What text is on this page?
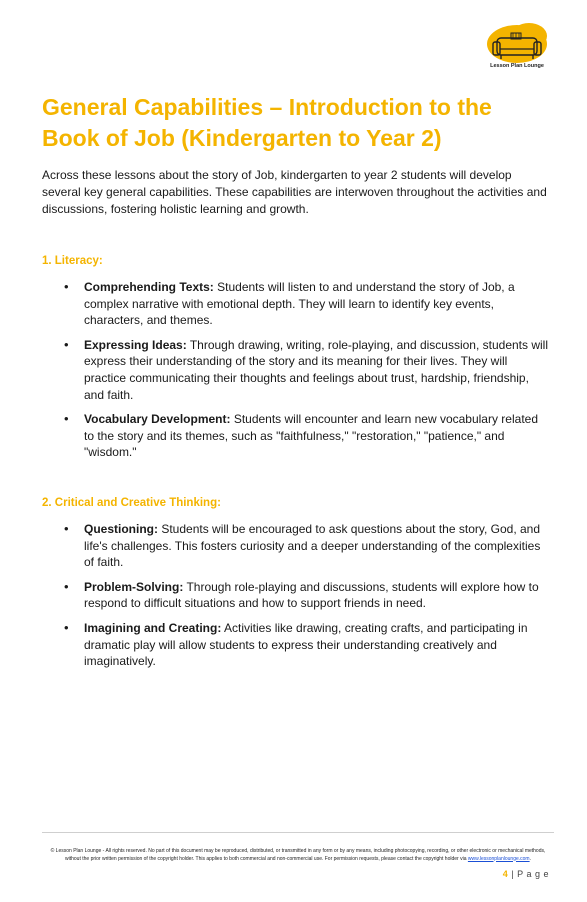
Lesson Plan Lounge
General Capabilities – Introduction to the Book of Job (Kindergarten to Year 2)

Across these lessons about the story of Job, kindergarten to year 2 students will develop several key general capabilities. These capabilities are interwoven throughout the activities and discussions, fostering holistic learning and growth.

1. Literacy:
• Comprehending Texts: Students will listen to and understand the story of Job, a complex narrative with emotional depth. They will learn to identify key events, characters, and themes.
• Expressing Ideas: Through drawing, writing, role-playing, and discussion, students will express their understanding of the story and its meaning for their lives. They will practice communicating their thoughts and feelings about trust, hardship, friendship, and faith.
• Vocabulary Development: Students will encounter and learn new vocabulary related to the story and its themes, such as "faithfulness," "restoration," "patience," and "wisdom."
2. Critical and Creative Thinking:
• Questioning: Students will be encouraged to ask questions about the story, God, and life's challenges. This fosters curiosity and a deeper understanding of the complexities of faith.
• Problem-Solving: Through role-playing and discussions, students will explore how to respond to difficult situations and how to support friends in need.
• Imagining and Creating: Activities like drawing, creating crafts, and participating in dramatic play will allow students to express their understanding creatively and imaginatively.

© Lesson Plan Lounge - All rights reserved. No part of this document may be reproduced, distributed, or transmitted in any form or by any means, including photocopying, recording, or other electronic or mechanical methods, without the prior written permission of the copyright holder. This applies to both commercial and non-commercial use. For permission requests, please contact the copyright holder via www.lessonplanlounge.com.

4 | P a g e
